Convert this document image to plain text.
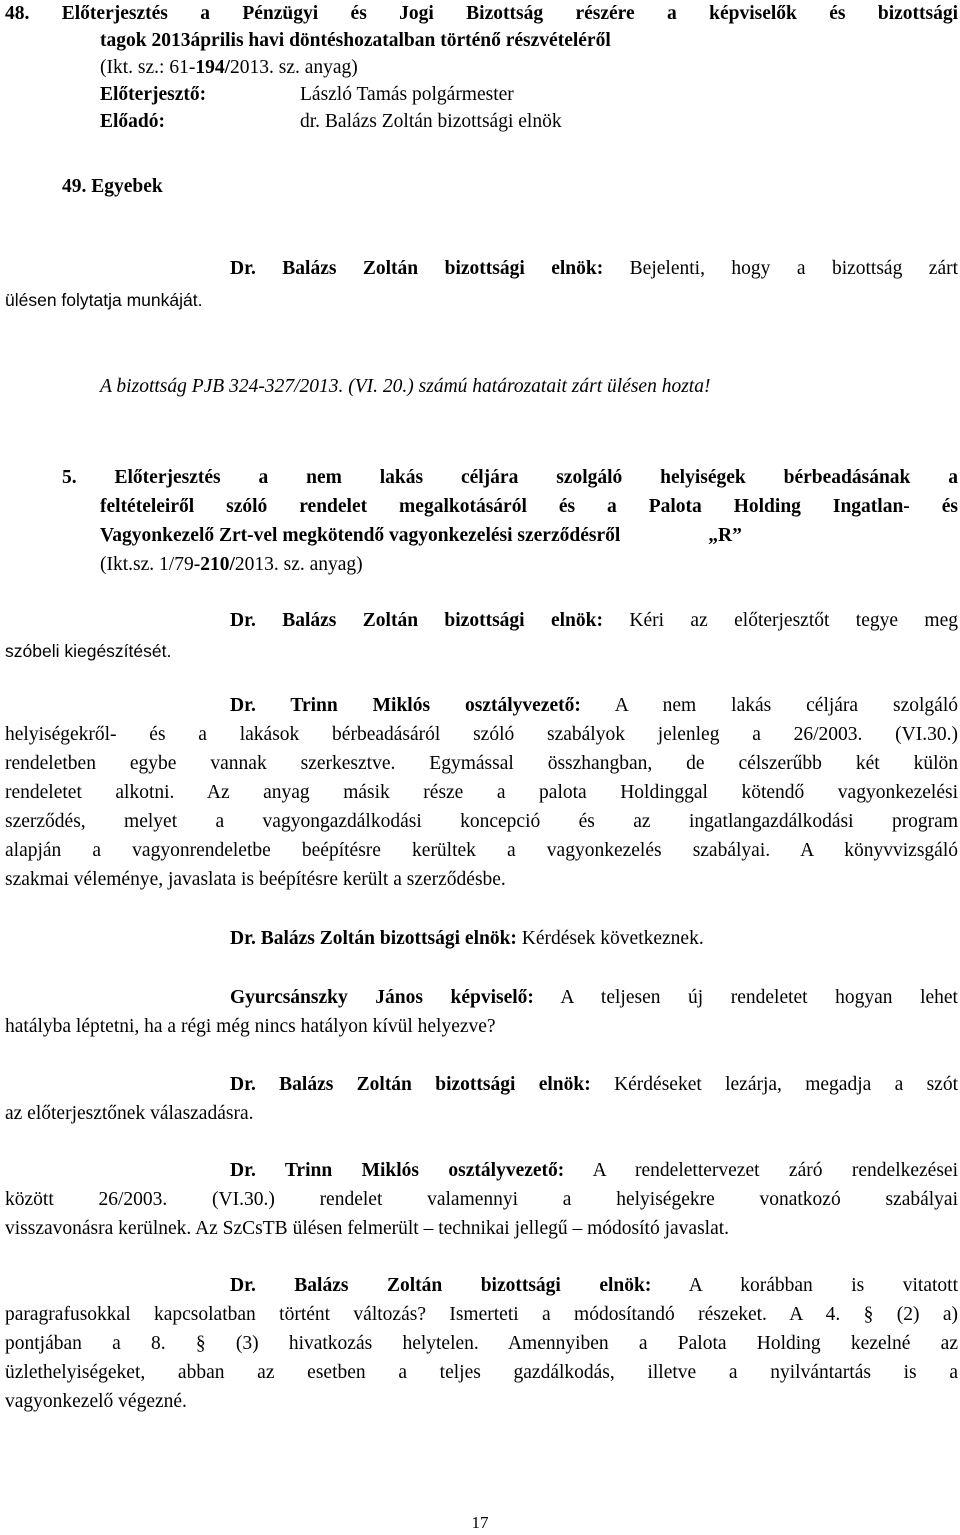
48. Előterjesztés a Pénzügyi és Jogi Bizottság részére a képviselők és bizottsági
tagok 2013április havi döntéshozatalban történő részvételéről
(Ikt. sz.: 61-194/2013. sz. anyag)
Előterjesztő:	László Tamás polgármester
Előadó:	dr. Balázs Zoltán bizottsági elnök
49. Egyebek
Dr. Balázs Zoltán bizottsági elnök: Bejelenti, hogy a bizottság zárt
ülésen folytatja munkáját.
A bizottság PJB 324-327/2013. (VI. 20.) számú határozatait zárt ülésen hozta!
5. Előterjesztés a nem lakás céljára szolgáló helyiségek bérbeadásának a
feltételeiről szóló rendelet megalkotásáról és a Palota Holding Ingatlan- és
Vagyonkezelő Zrt-vel megkötendő vagyonkezelési szerződésről	„R”
(Ikt.sz. 1/79-210/2013. sz. anyag)
Dr. Balázs Zoltán bizottsági elnök: Kéri az előterjesztőt tegye meg
szóbeli kiegészítését.
Dr. Trinn Miklós osztályvezető: A nem lakás céljára szolgáló
helyiségekről- és a lakások bérbeadásáról szóló szabályok jelenleg a 26/2003. (VI.30.)
rendeletben egybe vannak szerkesztve. Egymással összhangban, de célszerűbb két külön
rendeletet alkotni. Az anyag másik része a palota Holdinggal kötendő vagyonkezelési
szerződés, melyet a vagyongazdálkodási koncepció és az ingatlangazdálkodási program
alapján a vagyonrendeletbe beépítésre kerültek a vagyonkezelés szabályai. A könyvvizsgáló
szakmai véleménye, javaslata is beépítésre került a szerződésbe.
Dr. Balázs Zoltán bizottsági elnök: Kérdések következnek.
Gyurcsánszky János képviselő: A teljesen új rendeletet hogyan lehet
hatályba léptetni, ha a régi még nincs hatályon kívül helyezve?
Dr. Balázs Zoltán bizottsági elnök: Kérdéseket lezárja, megadja a szót
az előterjesztőnek válaszadásra.
Dr. Trinn Miklós osztályvezető: A rendelettervezet záró rendelkezései
között 26/2003. (VI.30.) rendelet valamennyi a helyiségekre vonatkozó szabályai
visszavonásra kerülnek. Az SzCsTB ülésen felmerült – technikai jellegű – módosító javaslat.
Dr. Balázs Zoltán bizottsági elnök: A korábban is vitatott
paragrafusokkal kapcsolatban történt változás? Ismerteti a módosítandó részeket. A 4. § (2) a)
pontjában a 8. § (3) hivatkozás helytelen. Amennyiben a Palota Holding kezelné az
üzlethelyiségeket, abban az esetben a teljes gazdálkodás, illetve a nyilvántartás is a
vagyonkezelő végezné.
17
